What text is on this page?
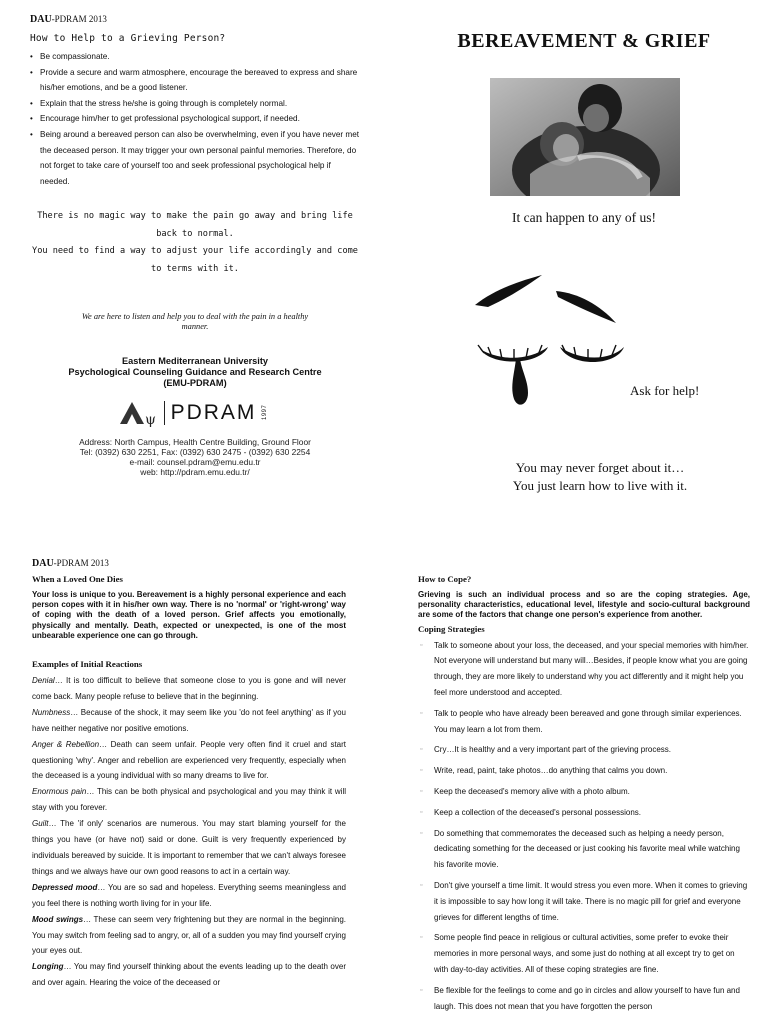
DAU-PDRAM 2013
How to Help to a Grieving Person?
• Be compassionate.
• Provide a secure and warm atmosphere, encourage the bereaved to express and share his/her emotions, and be a good listener.
• Explain that the stress he/she is going through is completely normal.
• Encourage him/her to get professional psychological support, if needed.
• Being around a bereaved person can also be overwhelming, even if you have never met the deceased person. It may trigger your own personal painful memories. Therefore, do not forget to take care of yourself too and seek professional psychological help if needed.

There is no magic way to make the pain go away and bring life back to normal.

You need to find a way to adjust your life accordingly and come to terms with it.

We are here to listen and help you to deal with the pain in a healthy manner.
Eastern Mediterranean University
Psychological Counseling Guidance and Research Centre
(EMU-PDRAM)
ψ PDRAM 1997
Address: North Campus, Health Centre Building, Ground Floor
Tel: (0392) 630 2251, Fax: (0392) 630 2475 - (0392) 630 2254
e-mail: counsel.pdram@emu.edu.tr
web: http://pdram.emu.edu.tr/
BEREAVEMENT & GRIEF
It can happen to any of us!
Ask for help!
You may never forget about it…
You just learn how to live with it.
DAU-PDRAM 2013
When a Loved One Dies
Your loss is unique to you. Bereavement is a highly personal experience and each person copes with it in his/her own way. There is no 'normal' or 'right-wrong' way of coping with the death of a loved person. Grief affects you emotionally, physically and mentally. Death, expected or unexpected, is one of the most unbearable experience one can go through.
Examples of Initial Reactions

Denial… It is too difficult to believe that someone close to you is gone and will never come back. Many people refuse to believe that in the beginning.

Numbness… Because of the shock, it may seem like you 'do not feel anything' as if you have neither negative nor positive emotions.

Anger & Rebellion… Death can seem unfair. People very often find it cruel and start questioning 'why'. Anger and rebellion are experienced very frequently, especially when the deceased is a young individual with so many dreams to live for.

Enormous pain… This can be both physical and psychological and you may think it will stay with you forever.

Guilt… The 'if only' scenarios are numerous. You may start blaming yourself for the things you have (or have not) said or done. Guilt is very frequently experienced by individuals bereaved by suicide. It is important to remember that we can't always foresee things and we always have our own good reasons to act in a certain way.

Depressed mood… You are so sad and hopeless. Everything seems meaningless and you feel there is nothing worth living for in your life.

Mood swings… These can seem very frightening but they are normal in the beginning. You may switch from feeling sad to angry, or, all of a sudden you may find yourself crying your eyes out.

Longing… You may find yourself thinking about the events leading up to the death over and over again. Hearing the voice of the deceased or

How to Cope?
Grieving is such an individual process and so are the coping strategies. Age, personality characteristics, educational level, lifestyle and socio-cultural background are some of the factors that change one person's experience from another.
Coping Strategies
▫ Talk to someone about your loss, the deceased, and your special memories with him/her. Not everyone will understand but many will…Besides, if people know what you are going through, they are more likely to understand why you act differently and it might help you feel more understood and accepted.
▫ Talk to people who have already been bereaved and gone through similar experiences. You may learn a lot from them.
▫ Cry…It is healthy and a very important part of the grieving process.
▫ Write, read, paint, take photos…do anything that calms you down.
▫ Keep the deceased's memory alive with a photo album.
▫ Keep a collection of the deceased's personal possessions.
▫ Do something that commemorates the deceased such as helping a needy person, dedicating something for the deceased or just cooking his favorite meal while watching his favorite movie.
▫ Don't give yourself a time limit. It would stress you even more. When it comes to grieving it is impossible to say how long it will take. There is no magic pill for grief and everyone grieves for different lengths of time.
▫ Some people find peace in religious or cultural activities, some prefer to evoke their memories in more personal ways, and some just do nothing at all except try to get on with day-to-day activities. All of these coping strategies are fine.
▫ Be flexible for the feelings to come and go in circles and allow yourself to have fun and laugh. This does not mean that you have forgotten the person
